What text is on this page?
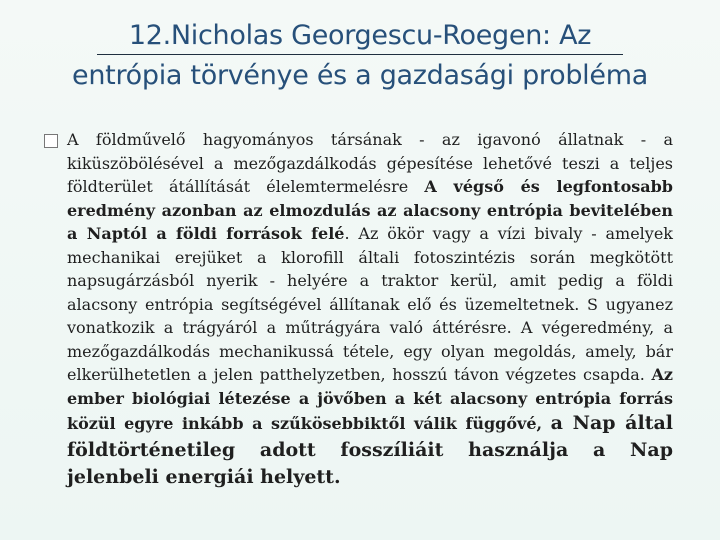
12.Nicholas Georgescu-Roegen: Az
entrópia törvénye és a gazdasági probléma
A földművelő hagyományos társának - az igavonó állatnak - a kiküszöbölésével a mezőgazdálkodás gépesítése lehetővé teszi a teljes földterület átállítását élelemtermelésre A végső és legfontosabb eredmény azonban az elmozdulás az alacsony entrópia bevitelében a Naptól a földi források felé. Az ökör vagy a vízi bivaly - amelyek mechanikai erejüket a klorofill általi fotoszintézis során megkötött napsugárzásból nyerik - helyére a traktor kerül, amit pedig a földi alacsony entrópia segítségével állítanak elő és üzemeltetnek. S ugyanez vonatkozik a trágyáról a műtrágyára való áttérésre. A végeredmény, a mezőgazdálkodás mechanikussá tétele, egy olyan megoldás, amely, bár elkerülhetetlen a jelen patthelyzetben, hosszú távon végzetes csapda. Az ember biológiai létezése a jövőben a két alacsony entrópia forrás közül egyre inkább a szűkösebbiktől válik függővé, a Nap által földtörténetileg adott fosszíliáit használja a Nap jelenbeli energiái helyett.
